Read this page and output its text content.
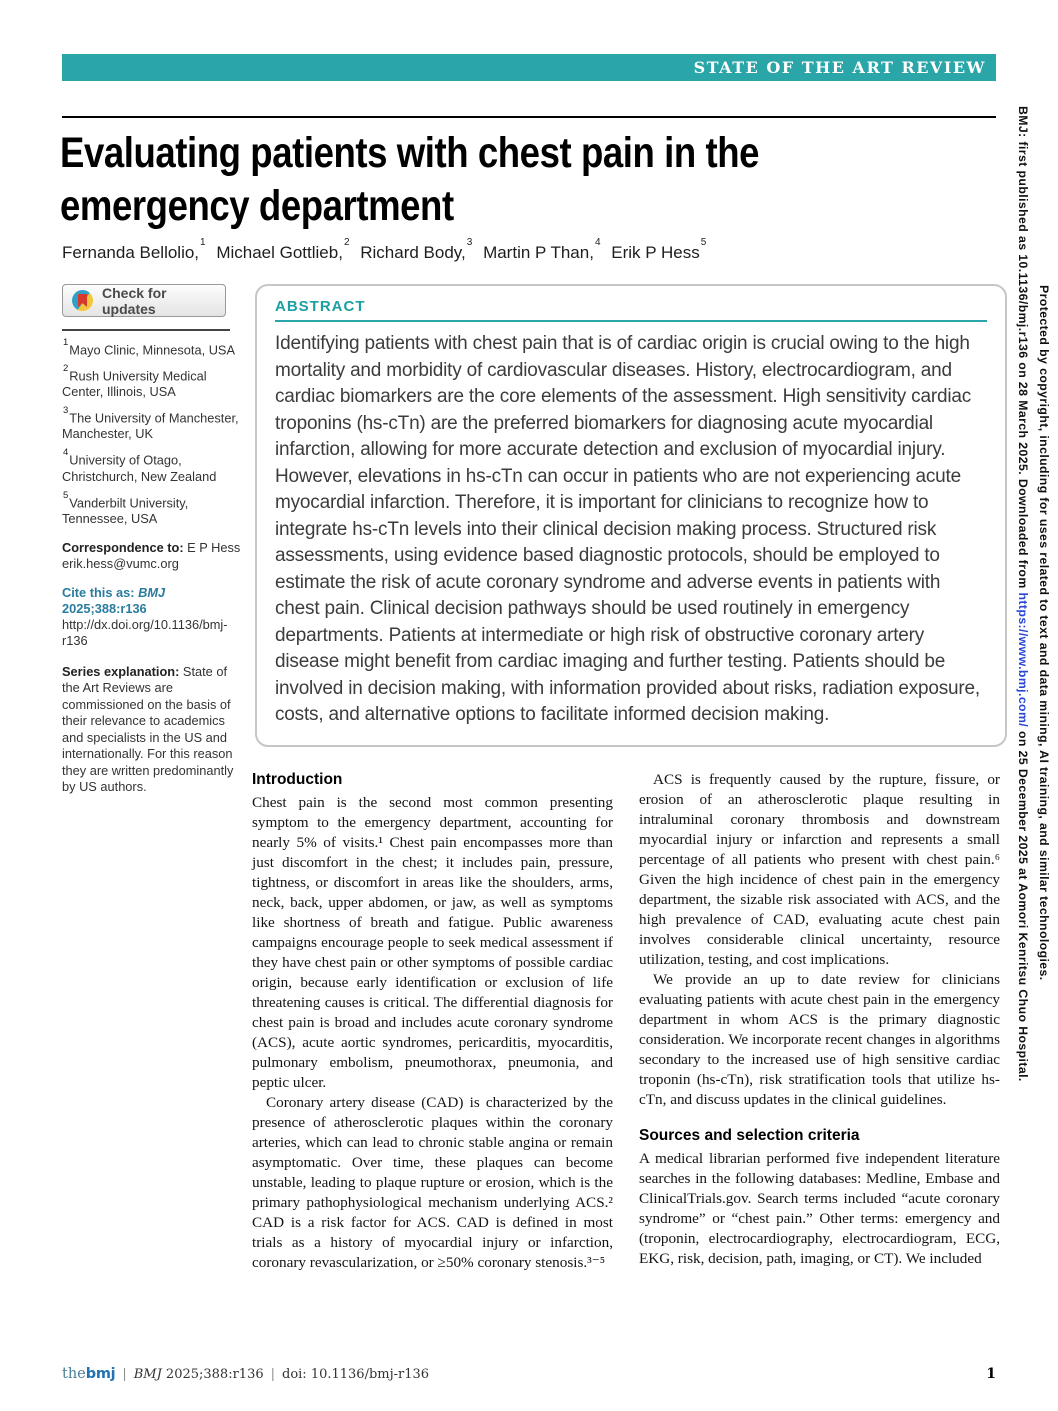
STATE OF THE ART REVIEW
Evaluating patients with chest pain in the emergency department
Fernanda Bellolio,$^1$ Michael Gottlieb,$^2$ Richard Body,$^3$ Martin P Than,$^4$ Erik P Hess$^5$
Check for updates

$^1$Mayo Clinic, Minnesota, USA

$^2$Rush University Medical Center, Illinois, USA

$^3$The University of Manchester, Manchester, UK

$^4$University of Otago, Christchurch, New Zealand

$^5$Vanderbilt University, Tennessee, USA

Correspondence to: E P Hess
erik.hess@vumc.org

Cite this as: BMJ 2025;388:r136

http://dx.doi.org/10.1136/bmj-r136

Series explanation: State of the Art Reviews are commissioned on the basis of their relevance to academics and specialists in the US and internationally. For this reason they are written predominantly by US authors.

ABSTRACT

Identifying patients with chest pain that is of cardiac origin is crucial owing to the high mortality and morbidity of cardiovascular diseases. History, electrocardiogram, and cardiac biomarkers are the core elements of the assessment. High sensitivity cardiac troponins (hs-cTn) are the preferred biomarkers for diagnosing acute myocardial infarction, allowing for more accurate detection and exclusion of myocardial injury. However, elevations in hs-cTn can occur in patients who are not experiencing acute myocardial infarction. Therefore, it is important for clinicians to recognize how to integrate hs-cTn levels into their clinical decision making process. Structured risk assessments, using evidence based diagnostic protocols, should be employed to estimate the risk of acute coronary syndrome and adverse events in patients with chest pain. Clinical decision pathways should be used routinely in emergency departments. Patients at intermediate or high risk of obstructive coronary artery disease might benefit from cardiac imaging and further testing. Patients should be involved in decision making, with information provided about risks, radiation exposure, costs, and alternative options to facilitate informed decision making.

Introduction

Chest pain is the second most common presenting symptom to the emergency department, accounting for nearly 5% of visits.¹ Chest pain encompasses more than just discomfort in the chest; it includes pain, pressure, tightness, or discomfort in areas like the shoulders, arms, neck, back, upper abdomen, or jaw, as well as symptoms like shortness of breath and fatigue. Public awareness campaigns encourage people to seek medical assessment if they have chest pain or other symptoms of possible cardiac origin, because early identification or exclusion of life threatening causes is critical. The differential diagnosis for chest pain is broad and includes acute coronary syndrome (ACS), acute aortic syndromes, pericarditis, myocarditis, pulmonary embolism, pneumothorax, pneumonia, and peptic ulcer.

Coronary artery disease (CAD) is characterized by the presence of atherosclerotic plaques within the coronary arteries, which can lead to chronic stable angina or remain asymptomatic. Over time, these plaques can become unstable, leading to plaque rupture or erosion, which is the primary pathophysiological mechanism underlying ACS.² CAD is a risk factor for ACS. CAD is defined in most trials as a history of myocardial injury or infarction, coronary revascularization, or ≥50% coronary stenosis.³⁻⁵

ACS is frequently caused by the rupture, fissure, or erosion of an atherosclerotic plaque resulting in intraluminal coronary thrombosis and downstream myocardial injury or infarction and represents a small percentage of all patients who present with chest pain.⁶ Given the high incidence of chest pain in the emergency department, the sizable risk associated with ACS, and the high prevalence of CAD, evaluating acute chest pain involves considerable clinical uncertainty, resource utilization, testing, and cost implications.

We provide an up to date review for clinicians evaluating patients with acute chest pain in the emergency department in whom ACS is the primary diagnostic consideration. We incorporate recent changes in algorithms secondary to the increased use of high sensitive cardiac troponin (hs-cTn), risk stratification tools that utilize hs-cTn, and discuss updates in the clinical guidelines.

Sources and selection criteria

A medical librarian performed five independent literature searches in the following databases: Medline, Embase and ClinicalTrials.gov. Search terms included “acute coronary syndrome” or “chest pain.” Other terms: emergency and (troponin, electrocardiography, electrocardiogram, ECG, EKG, risk, decision, path, imaging, or CT). We included

the bmj | BMJ 2025;388:r136 | doi: 10.1136/bmj-r136	1
BMJ: first published as 10.1136/bmj.r136 on 28 March 2025. Downloaded from https://www.bmj.com/ on 25 December 2025 at Aomori Kenritsu Chuo Hospital. Protected by copyright, including for uses related to text and data mining, AI training, and similar technologies.
